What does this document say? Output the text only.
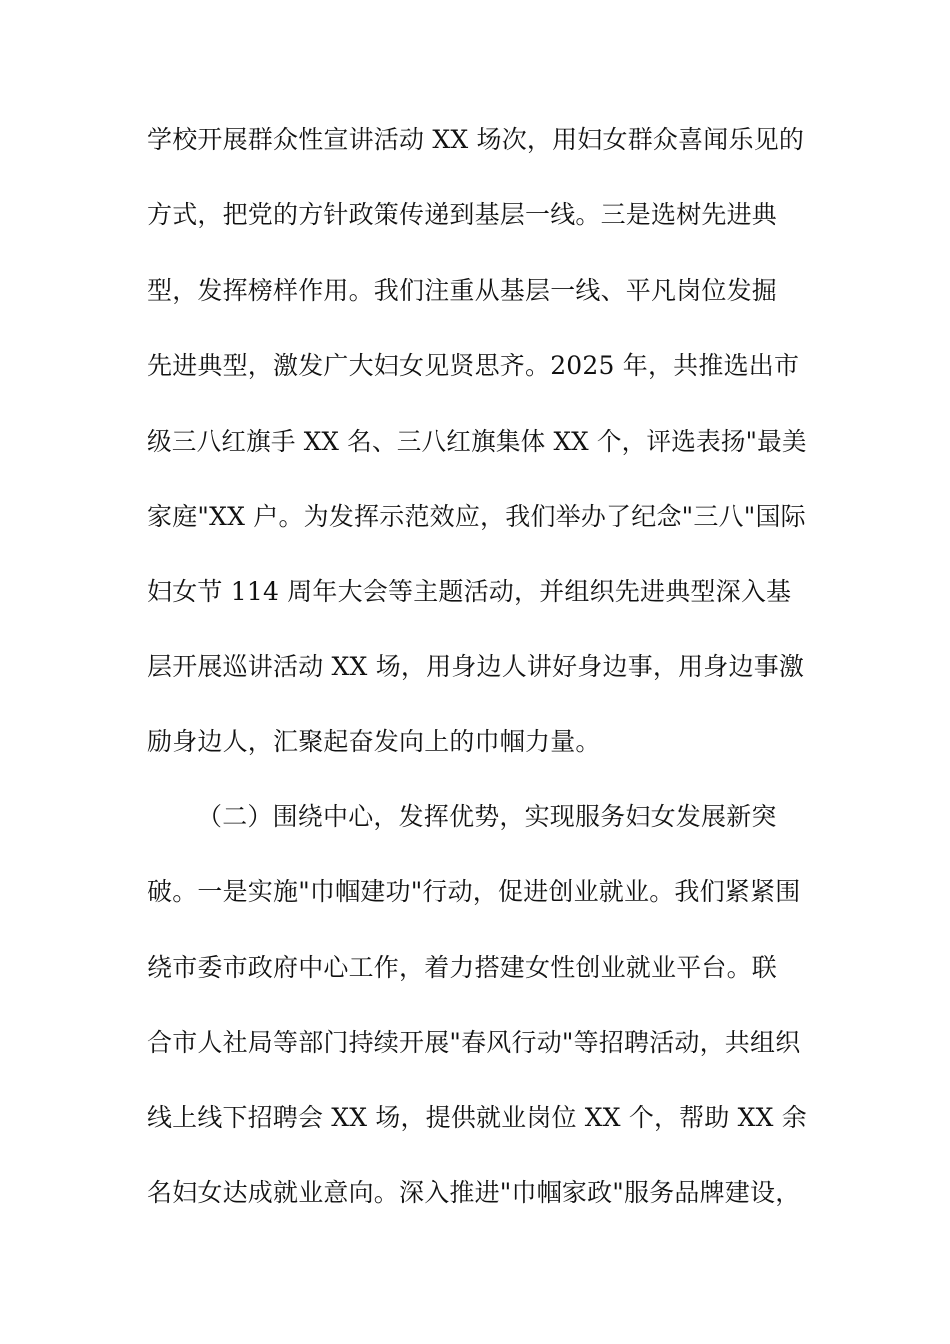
学校开展群众性宣讲活动 XX 场次，用妇女群众喜闻乐见的
方式，把党的方针政策传递到基层一线。三是选树先进典
型，发挥榜样作用。我们注重从基层一线、平凡岗位发掘
先进典型，激发广大妇女见贤思齐。2025 年，共推选出市
级三八红旗手 XX 名、三八红旗集体 XX 个，评选表扬"最美
家庭"XX 户。为发挥示范效应，我们举办了纪念"三八"国际
妇女节 114 周年大会等主题活动，并组织先进典型深入基
层开展巡讲活动 XX 场，用身边人讲好身边事，用身边事激
励身边人，汇聚起奋发向上的巾帼力量。
（二）围绕中心，发挥优势，实现服务妇女发展新突
破。一是实施"巾帼建功"行动，促进创业就业。我们紧紧围
绕市委市政府中心工作，着力搭建女性创业就业平台。联
合市人社局等部门持续开展"春风行动"等招聘活动，共组织
线上线下招聘会 XX 场，提供就业岗位 XX 个，帮助 XX 余
名妇女达成就业意向。深入推进"巾帼家政"服务品牌建设，
